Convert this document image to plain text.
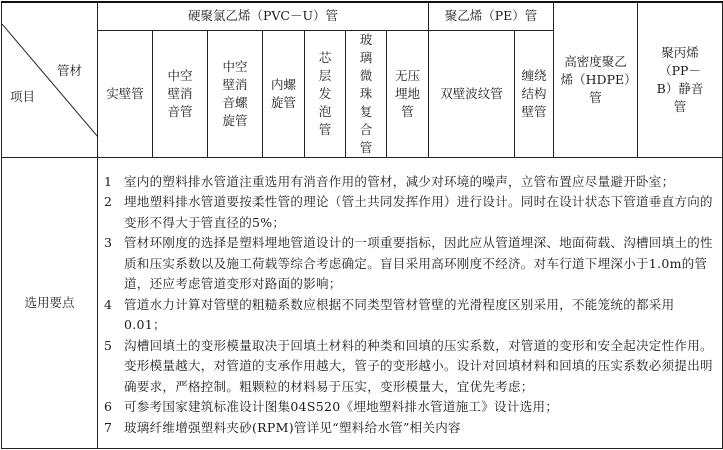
项目
管材	硬聚氯乙烯（PVC－U）管							聚乙烯（PE）管		高密度聚乙烯（HDPE）管	聚丙烯（PP－B）静音管
	实壁管	中空壁消音管	中空壁消音螺旋管	内螺旋管	芯层发泡管	玻璃微珠复合管	无压埋地管	双壁波纹管	缠绕结构壁管		
选用要点	
1 室内的塑料排水管道注重选用有消音作用的管材，减少对环境的噪声，立管布置应尽量避开卧室；
2 埋地塑料排水管道要按柔性管的理论（管土共同发挥作用）进行设计。同时在设计状态下管道垂直方向的变形不得大于管直径的5%；
3 管材环刚度的选择是塑料埋地管道设计的一项重要指标，因此应从管道埋深、地面荷载、沟槽回填土的性质和压实系数以及施工荷载等综合考虑确定。盲目采用高环刚度不经济。对车行道下埋深小于1.0m的管道，还应考虑管道变形对路面的影响；
4 管道水力计算对管壁的粗糙系数应根据不同类型管材管壁的光滑程度区别采用，不能笼统的都采用0.01；
5 沟槽回填土的变形模量取决于回填土材料的种类和回填的压实系数，对管道的变形和安全起决定性作用。变形模量越大，对管道的支承作用越大，管子的变形越小。设计对回填材料和回填的压实系数必须提出明确要求，严格控制。粗颗粒的材料易于压实，变形模量大，宜优先考虑；
6 可参考国家建筑标准设计图集04S520《埋地塑料排水管道施工》设计选用；
7 玻璃纤维增强塑料夹砂(RPM)管详见“塑料给水管”相关内容
